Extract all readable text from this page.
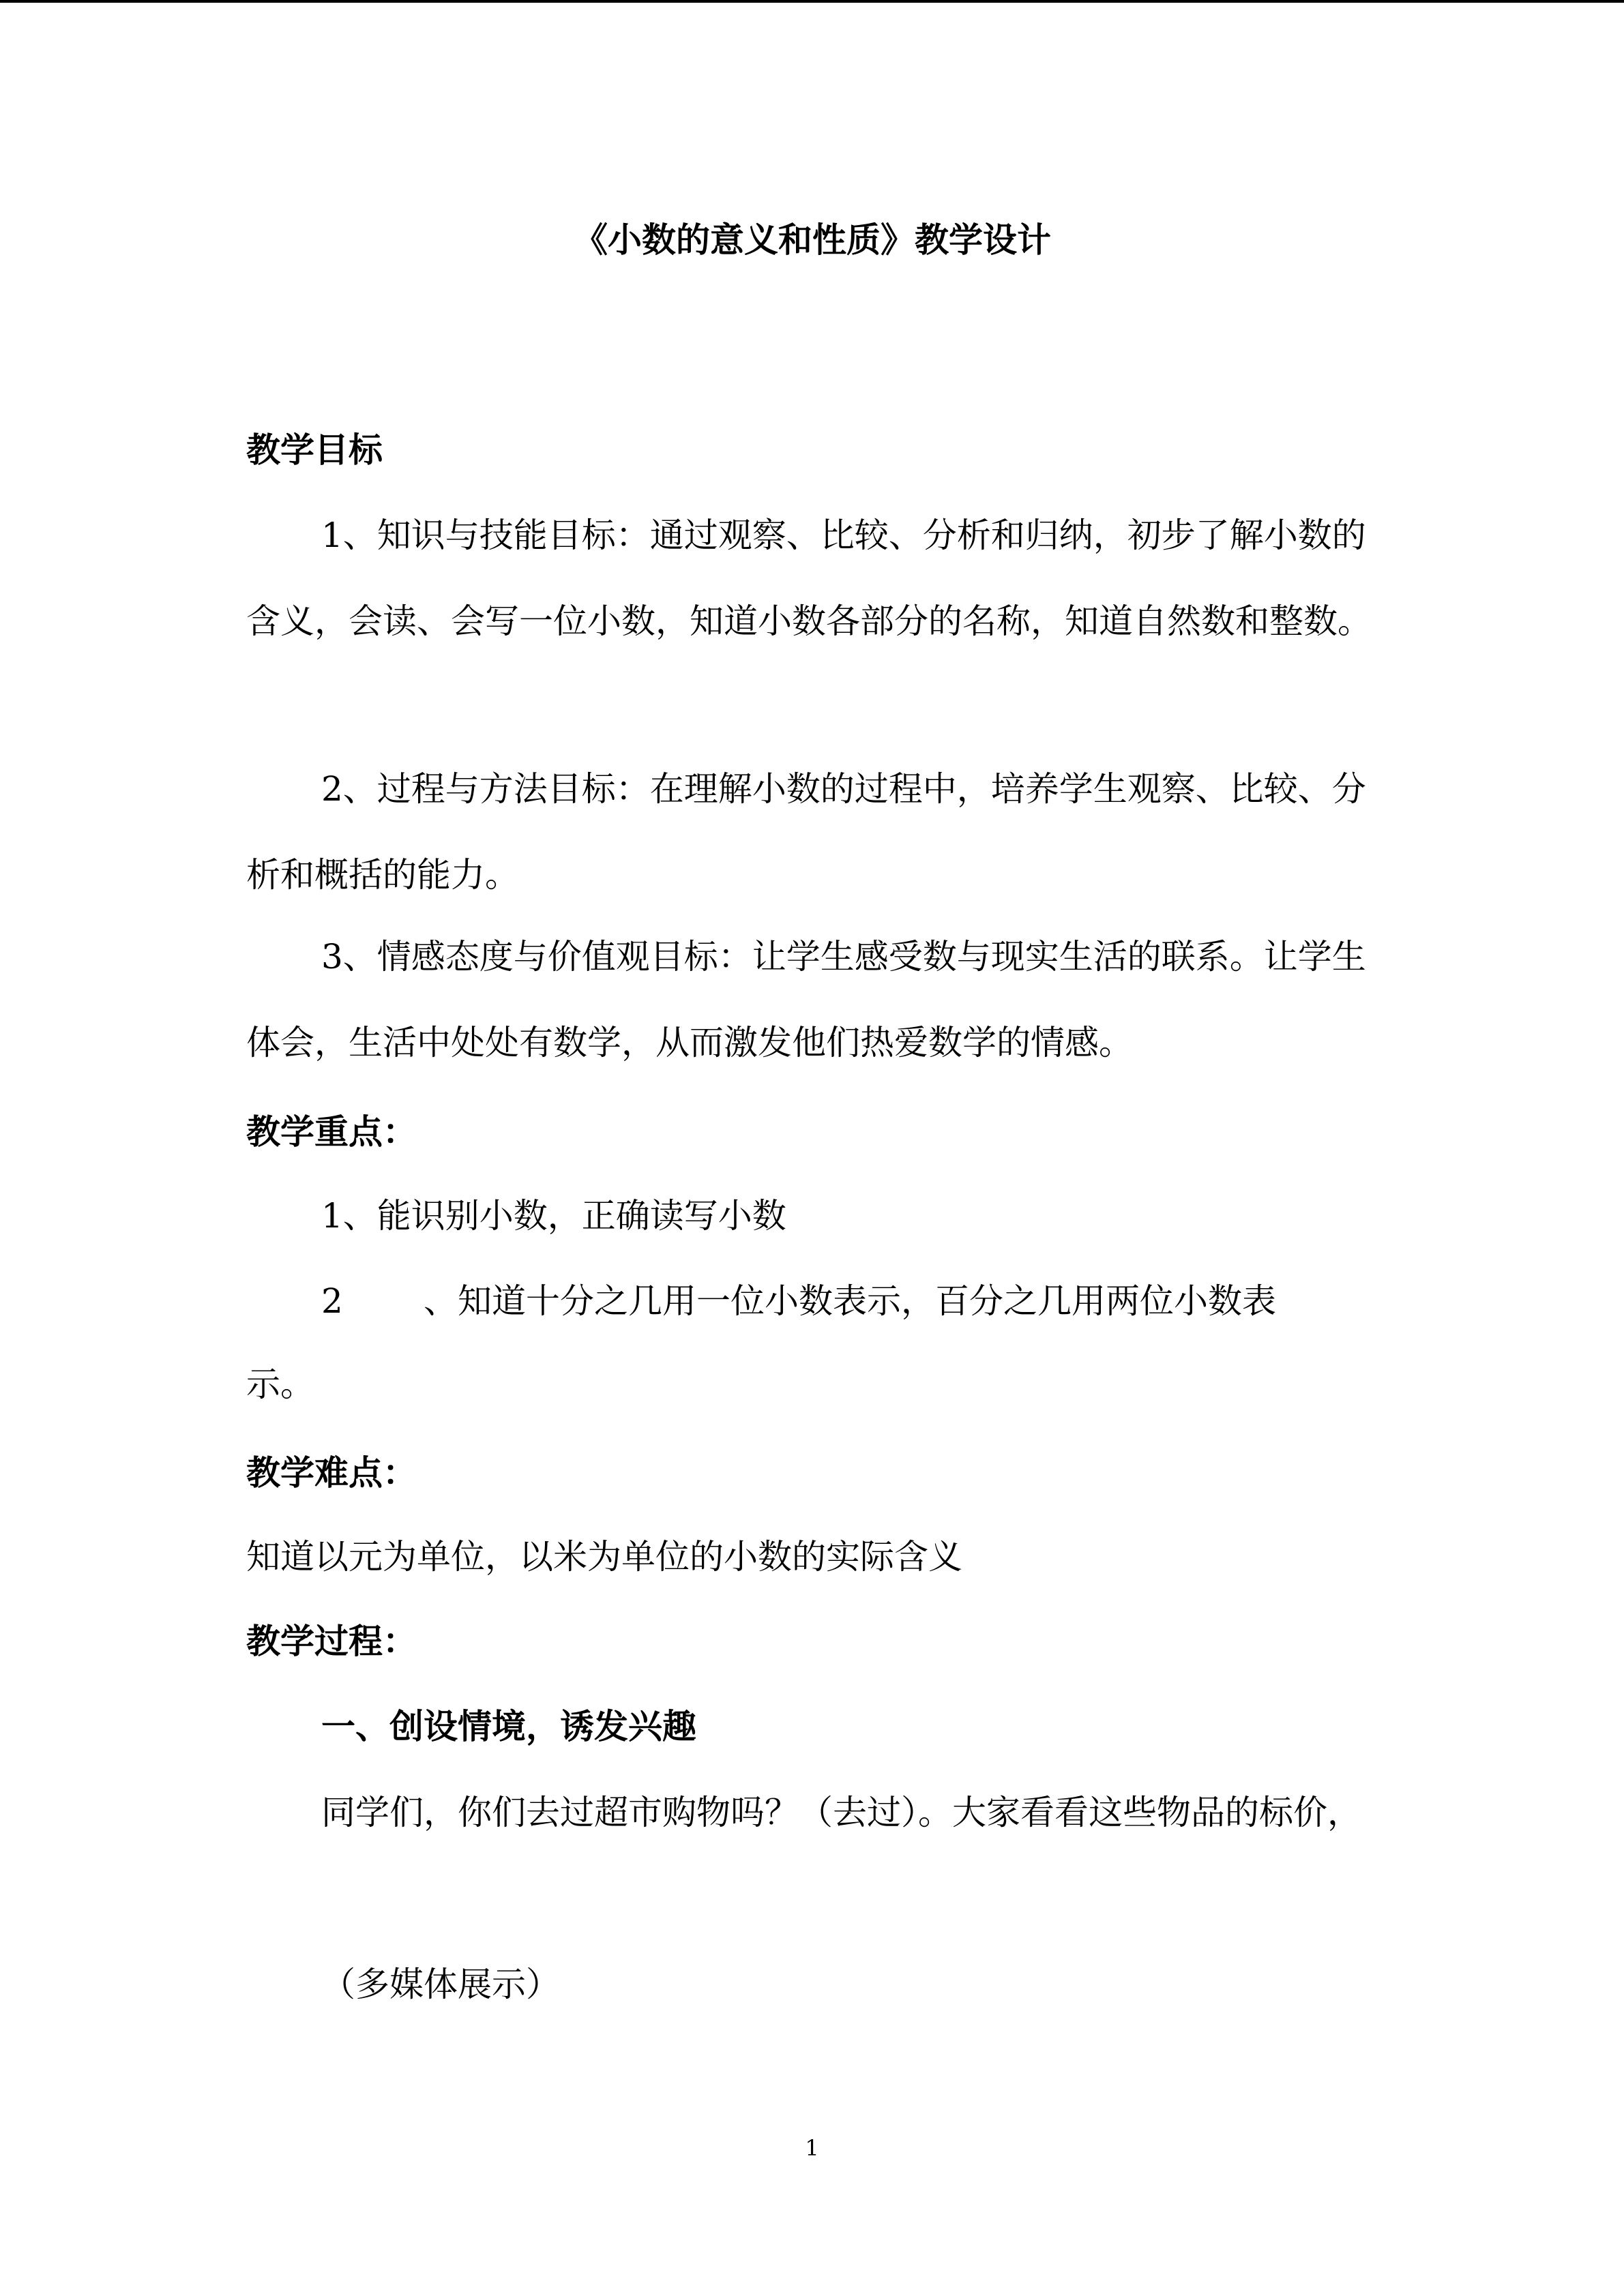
《小数的意义和性质》教学设计
教学目标
1、知识与技能目标：通过观察、比较、分析和归纳，初步了解小数的含义，会读、会写一位小数，知道小数各部分的名称，知道自然数和整数。
2、过程与方法目标：在理解小数的过程中，培养学生观察、比较、分析和概括的能力。
3、情感态度与价值观目标：让学生感受数与现实生活的联系。让学生体会，生活中处处有数学，从而激发他们热爱数学的情感。
教学重点：
1、能识别小数，正确读写小数
2 、知道十分之几用一位小数表示，百分之几用两位小数表
示。
教学难点：
知道以元为单位，以米为单位的小数的实际含义
教学过程：
一、创设情境，诱发兴趣
同学们，你们去过超市购物吗？（去过）。大家看看这些物品的标价，
（多媒体展示）
1
